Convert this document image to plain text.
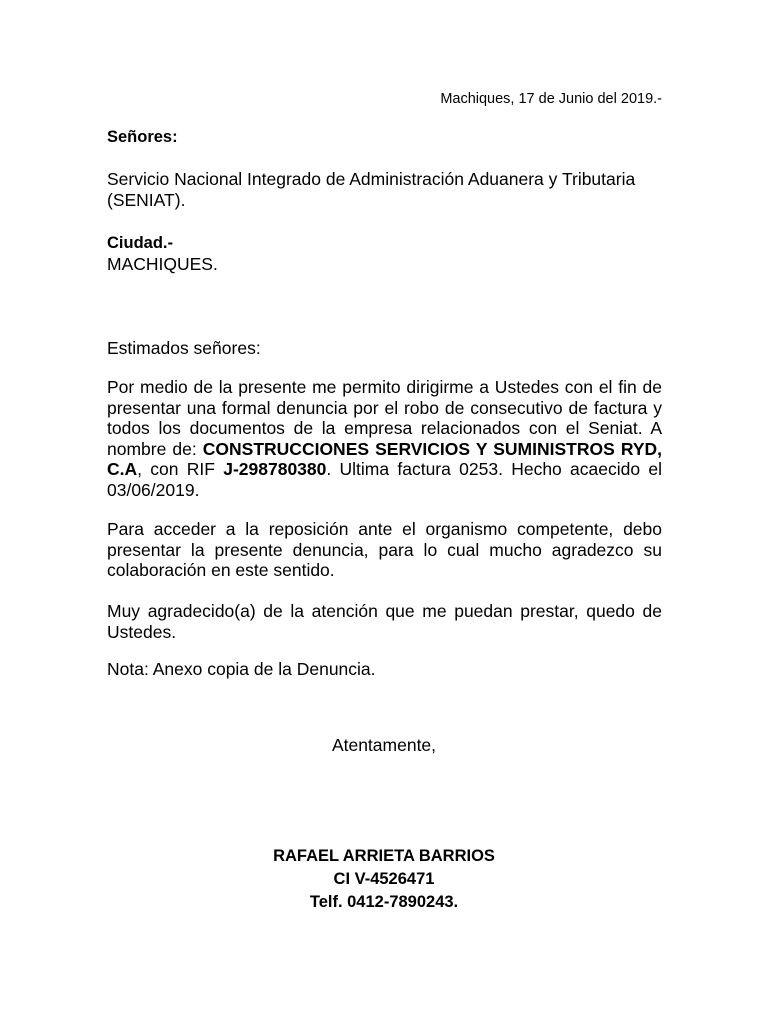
Machiques, 17 de Junio del 2019.-
Señores:
Servicio Nacional Integrado de Administración Aduanera y Tributaria (SENIAT).
Ciudad.-
MACHIQUES.
Estimados señores:
Por medio de la presente me permito dirigirme a Ustedes con el fin de presentar una formal denuncia por el robo de consecutivo de factura y todos los documentos de la empresa relacionados con el Seniat. A nombre de: CONSTRUCCIONES SERVICIOS Y SUMINISTROS RYD, C.A, con RIF J-298780380. Ultima factura 0253. Hecho acaecido el 03/06/2019.
Para acceder a la reposición ante el organismo competente, debo presentar la presente denuncia, para lo cual mucho agradezco su colaboración en este sentido.
Muy agradecido(a) de la atención que me puedan prestar, quedo de Ustedes.
Nota: Anexo copia de la Denuncia.
Atentamente,
RAFAEL ARRIETA BARRIOS
CI V-4526471
Telf. 0412-7890243.
